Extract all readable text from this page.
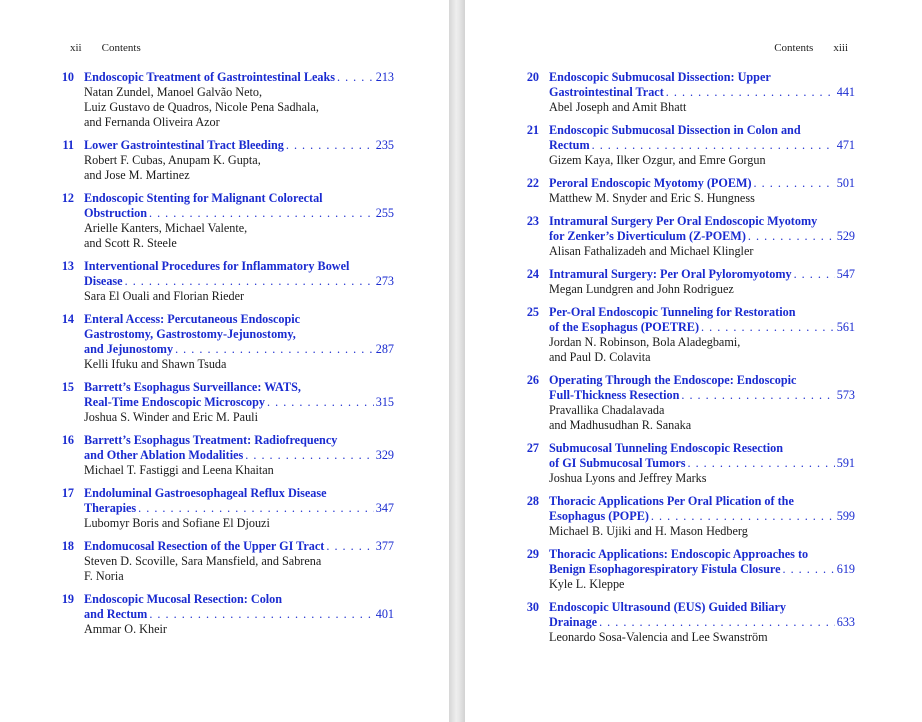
xii Contents
10 Endoscopic Treatment of Gastrointestinal Leaks . . .	213
Natan Zundel, Manoel Galvão Neto,
Luiz Gustavo de Quadros, Nicole Pena Sadhala,
and Fernanda Oliveira Azor
11 Lower Gastrointestinal Tract Bleeding . . .	235
Robert F. Cubas, Anupam K. Gupta,
and Jose M. Martinez
12 Endoscopic Stenting for Malignant Colorectal
Obstruction . . .	255
Arielle Kanters, Michael Valente,
and Scott R. Steele
13 Interventional Procedures for Inflammatory Bowel
Disease . . .	273
Sara El Ouali and Florian Rieder
14 Enteral Access: Percutaneous Endoscopic
Gastrostomy, Gastrostomy-Jejunostomy,
and Jejunostomy . . .	287
Kelli Ifuku and Shawn Tsuda
15 Barrett’s Esophagus Surveillance: WATS,
Real-Time Endoscopic Microscopy . . .	315
Joshua S. Winder and Eric M. Pauli
16 Barrett’s Esophagus Treatment: Radiofrequency
and Other Ablation Modalities . . .	329
Michael T. Fastiggi and Leena Khaitan
17 Endoluminal Gastroesophageal Reflux Disease
Therapies . . .	347
Lubomyr Boris and Sofiane El Djouzi
18 Endomucosal Resection of the Upper GI Tract . . .	377
Steven D. Scoville, Sara Mansfield, and Sabrena
F. Noria
19 Endoscopic Mucosal Resection: Colon
and Rectum . . .	401
Ammar O. Kheir
Contents xiii
20 Endoscopic Submucosal Dissection: Upper
Gastrointestinal Tract . . .	441
Abel Joseph and Amit Bhatt
21 Endoscopic Submucosal Dissection in Colon and
Rectum . . .	471
Gizem Kaya, Ilker Ozgur, and Emre Gorgun
22 Peroral Endoscopic Myotomy (POEM) . . .	501
Matthew M. Snyder and Eric S. Hungness
23 Intramural Surgery Per Oral Endoscopic Myotomy
for Zenker’s Diverticulum (Z-POEM) . . .	529
Alisan Fathalizadeh and Michael Klingler
24 Intramural Surgery: Per Oral Pyloromyotomy . . .	547
Megan Lundgren and John Rodriguez
25 Per-Oral Endoscopic Tunneling for Restoration
of the Esophagus (POETRE) . . .	561
Jordan N. Robinson, Bola Aladegbami,
and Paul D. Colavita
26 Operating Through the Endoscope: Endoscopic
Full-Thickness Resection . . .	573
Pravallika Chadalavada
and Madhusudhan R. Sanaka
27 Submucosal Tunneling Endoscopic Resection
of GI Submucosal Tumors . . .	591
Joshua Lyons and Jeffrey Marks
28 Thoracic Applications Per Oral Plication of the
Esophagus (POPE) . . .	599
Michael B. Ujiki and H. Mason Hedberg
29 Thoracic Applications: Endoscopic Approaches to
Benign Esophagorespiratory Fistula Closure . . .	619
Kyle L. Kleppe
30 Endoscopic Ultrasound (EUS) Guided Biliary
Drainage . . .	633
Leonardo Sosa-Valencia and Lee Swanström
